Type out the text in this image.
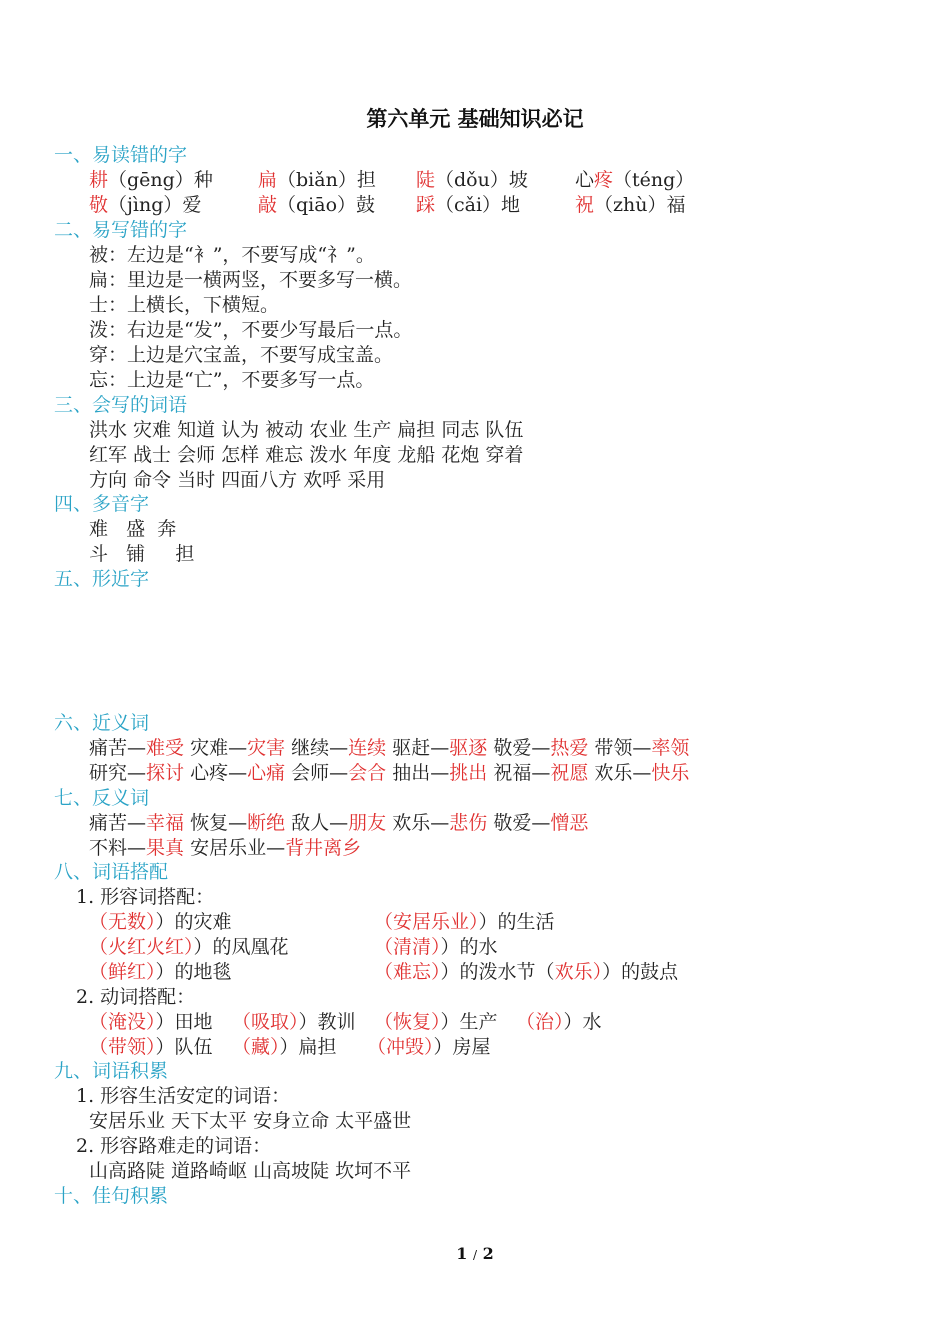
第六单元 基础知识必记
一、易读错的字
耕（gēng）种 扁（biǎn）担 陡（dǒu）坡 心疼（téng）
敬（jìng）爱	敲（qiāo）鼓 踩（cǎi）地	祝（zhù）福
二、易写错的字
被：左边是“衤”，不要写成“礻”。
扁：里边是一横两竖，不要多写一横。
士：上横长，下横短。
泼：右边是“发”，不要少写最后一点。
穿：上边是穴宝盖，不要写成宝盖。
忘：上边是“亡”，不要多写一点。
三、会写的词语
洪水 灾难 知道 认为 被动 农业 生产 扁担 同志 队伍
红军 战士 会师 怎样 难忘 泼水 年度 龙船 花炮 穿着
方向 命令 当时 四面八方 欢呼 采用
四、多音字
难   盛  奔
斗   铺     担
五、形近字
六、近义词
痛苦—难受 灾难—灾害 继续—连续 驱赶—驱逐 敬爱—热爱 带领—率领
研究—探讨 心疼—心痛 会师—会合 抽出—挑出 祝福—祝愿 欢乐—快乐
七、反义词
痛苦—幸福 恢复—断绝 敌人—朋友 欢乐—悲伤 敬爱—憎恶
不料—果真 安居乐业—背井离乡
八、词语搭配
1. 形容词搭配：
（无数））的灾难	（安居乐业））的生活
（火红火红））的凤凰花	（清清））的水
（鲜红））的地毯	（难忘））的泼水节（欢乐））的鼓点
2. 动词搭配：
（淹没））田地 （吸取））教训 （恢复））生产 （治））水
（带领））队伍 （藏））扁担 （冲毁））房屋
九、词语积累
1. 形容生活安定的词语：
安居乐业 天下太平 安身立命 太平盛世
2. 形容路难走的词语：
山高路陡 道路崎岖 山高坡陡 坎坷不平
十、佳句积累
1 / 2
